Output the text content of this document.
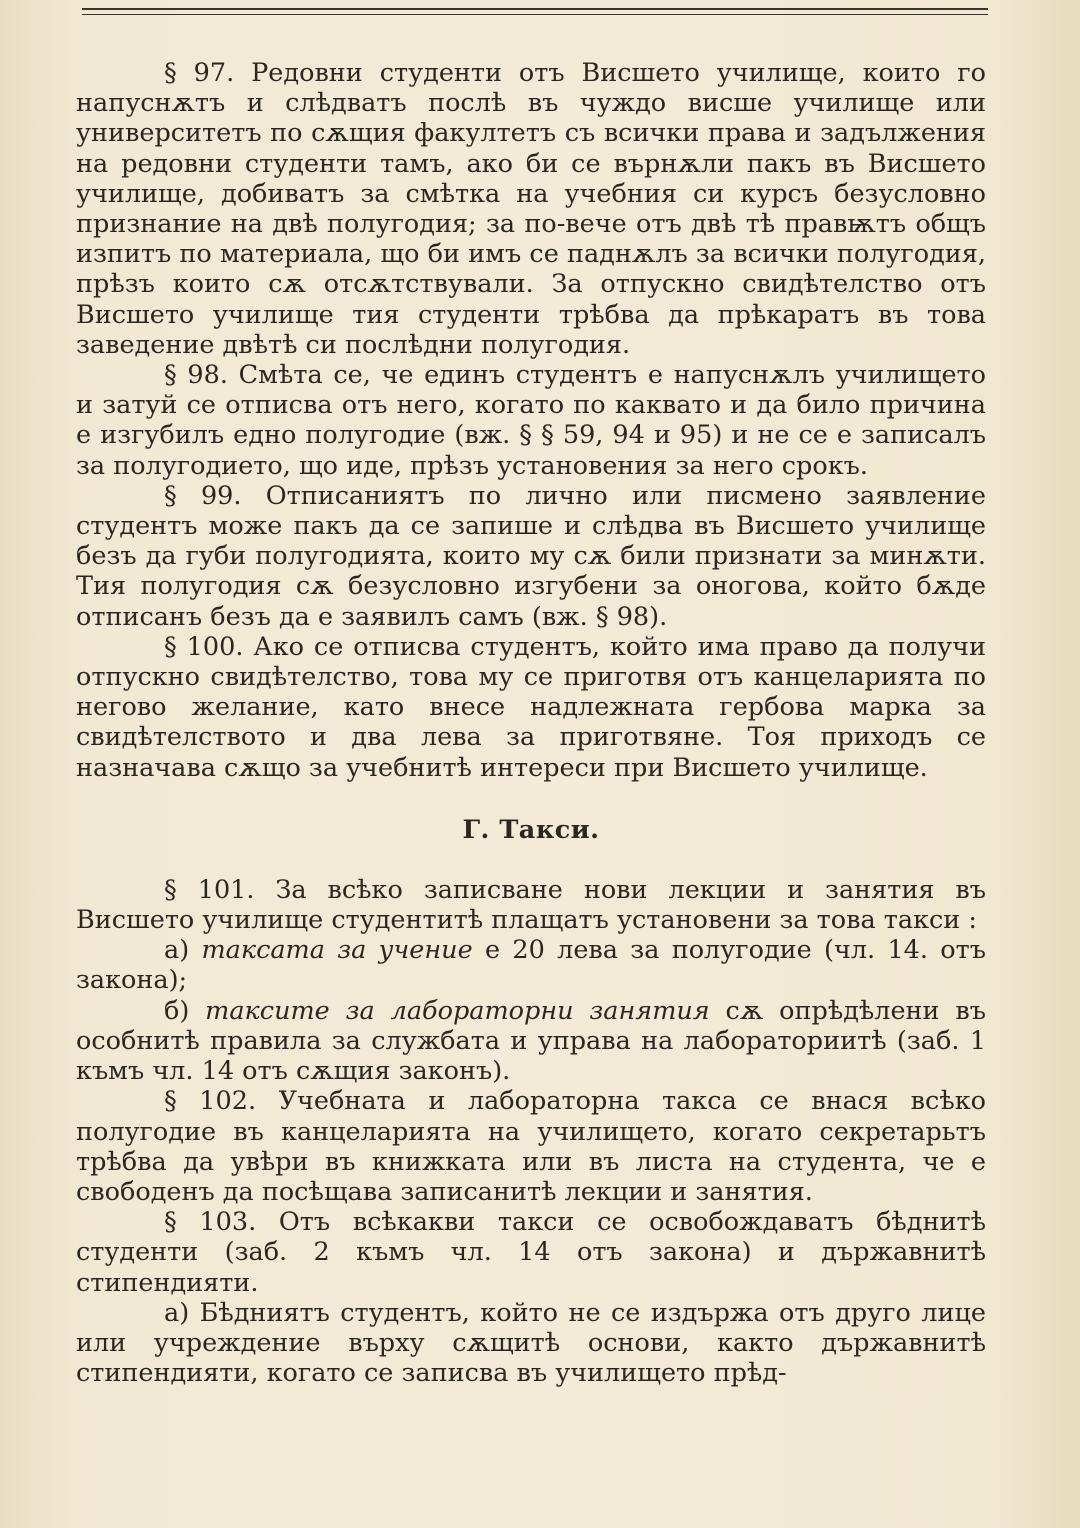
§ 97. Редовни студенти отъ Висшето училище, които го напуснѫтъ и слѣдватъ послѣ въ чуждо висше училище или университетъ по сѫщия факултетъ съ всички права и задължения на редовни студенти тамъ, ако би се върнѫли пакъ въ Висшето училище, добиватъ за смѣтка на учебния си курсъ безусловно признание на двѣ полугодия; за по-вече отъ двѣ тѣ правѭтъ общъ изпитъ по материала, що би имъ се паднѫлъ за всички полугодия, прѣзъ които сѫ отсѫтствували. За отпускно свидѣтелство отъ Висшето училище тия студенти трѣбва да прѣкаратъ въ това заведение двѣтѣ си послѣдни полугодия.

§ 98. Смѣта се, че единъ студентъ е напуснѫлъ училището и затуй се отписва отъ него, когато по каквато и да било причина е изгубилъ едно полугодие (вж. § § 59, 94 и 95) и не се е записалъ за полугодието, що иде, прѣзъ установения за него срокъ.

§ 99. Отписаниятъ по лично или писмено заявление студентъ може пакъ да се запише и слѣдва въ Висшето училище безъ да губи полугодията, които му сѫ били признати за минѫти. Тия полугодия сѫ безусловно изгубени за оногова, който бѫде отписанъ безъ да е заявилъ самъ (вж. § 98).

§ 100. Ако се отписва студентъ, който има право да получи отпускно свидѣтелство, това му се приготвя отъ канцеларията по негово желание, като внесе надлежната гербова марка за свидѣтелството и два лева за приготвяне. Тоя приходъ се назначава сѫщо за учебнитѣ интереси при Висшето училище.

Г. Такси.

§ 101. За всѣко записване нови лекции и занятия въ Висшето училище студентитѣ плащатъ установени за това такси :

а) таксата за учение е 20 лева за полугодие (чл. 14. отъ закона);

б) таксите за лабораторни занятия сѫ опрѣдѣлени въ особнитѣ правила за службата и управа на лабораториитѣ (заб. 1 къмъ чл. 14 отъ сѫщия законъ).

§ 102. Учебната и лабораторна такса се внася всѣко полугодие въ канцеларията на училището, когато секретарьтъ трѣбва да увѣри въ книжката или въ листа на студента, че е свободенъ да посѣщава записанитѣ лекции и занятия.

§ 103. Отъ всѣкакви такси се освобождаватъ бѣднитѣ студенти (заб. 2 къмъ чл. 14 отъ закона) и държавнитѣ стипендияти.

а) Бѣдниятъ студентъ, който не се издържа отъ друго лице или учреждение върху сѫщитѣ основи, както държавнитѣ стипендияти, когато се записва въ училището прѣд-
